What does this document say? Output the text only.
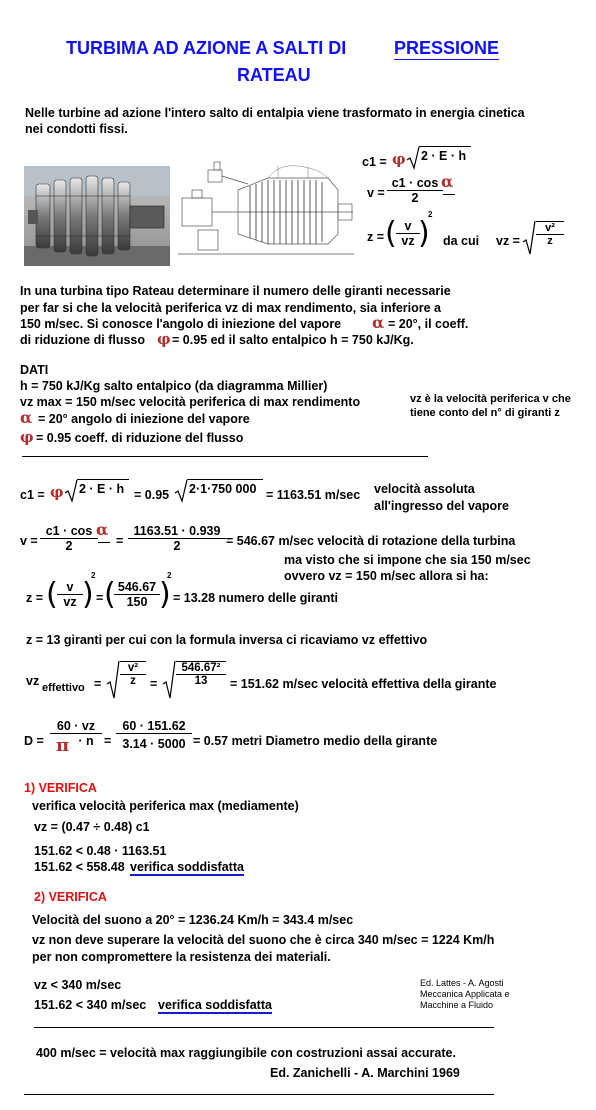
TURBIMA AD AZIONE A SALTI DI	PRESSIONE
RATEAU
Nelle turbine ad azione l'intero salto di entalpia viene trasformato in energia cinetica
nei condotti fissi.
c1 = φ 2 · E · h
$v = \frac{c1 \cdot \cos}{2}$
α
z = ( $\frac{v}{vz}$
)
2
da cui vz = $\frac{\text{v²}}{z}$
In una turbina tipo Rateau determinare il numero delle giranti necessarie
per far si che la velocità periferica vz di max rendimento, sia inferiore a
150 m/sec. Si conosce l'angolo di iniezione del vapore α = 20°, il coeff.
di riduzione di flusso φ = 0.95 ed il salto entalpico h = 750 kJ/Kg.
DATI
h = 750 kJ/Kg salto entalpico (da diagramma Millier)
vz max = 150 m/sec velocità periferica di max rendimento
α = 20° angolo di iniezione del vapore
φ = 0.95 coeff. di riduzione del flusso
vz è la velocità periferica v che
tiene conto del n° di giranti z
c1 = φ 2 · E · h = 0.95 2·1·750 000 = 1163.51 m/sec velocità assoluta
all'ingresso del vapore
$v = \frac{c1 \cdot \cos}{2}$
α
= $\frac{1163.51 \cdot 0.939}{2} = 546.67$ m/sec velocità di rotazione della turbina
ma visto che si impone che sia 150 m/sec
ovvero vz = 150 m/sec allora si ha:
z = ( $\frac{v}{vz}$ )
2
= (
$\frac{546.67}{150}$ )
2
= 13.28 numero delle giranti
z = 13 giranti per cui con la formula inversa ci ricaviamo vz effettivo
vz effettivo = $\frac{\text{v²}}{z} = \frac{\text{546.67²}}{13} = 151.62$ m/sec velocità effettiva della girante
$D = \frac{60 \cdot vz}{\cdot n}$
π	= $\frac{60 \cdot 151.62}{3.14 \cdot 5000} = 0.57$ metri Diametro medio della girante
1) VERIFICA
verifica velocità periferica max (mediamente)
vz = (0.47 ÷ 0.48) c1
151.62 < 0.48 · 1163.51
151.62 < 558.48 verifica soddisfatta
2) VERIFICA
Velocità del suono a 20° = 1236.24 Km/h = 343.4 m/sec
vz non deve superare la velocità del suono che è circa 340 m/sec = 1224 Km/h
per non compromettere la resistenza dei materiali.
vz < 340 m/sec
151.62 < 340 m/sec verifica soddisfatta
Ed. Lattes - A. Agosti
Meccanica Applicata e
Macchine a Fluido
400 m/sec = velocità max raggiungibile con costruzioni assai accurate.
Ed. Zanichelli - A. Marchini 1969
